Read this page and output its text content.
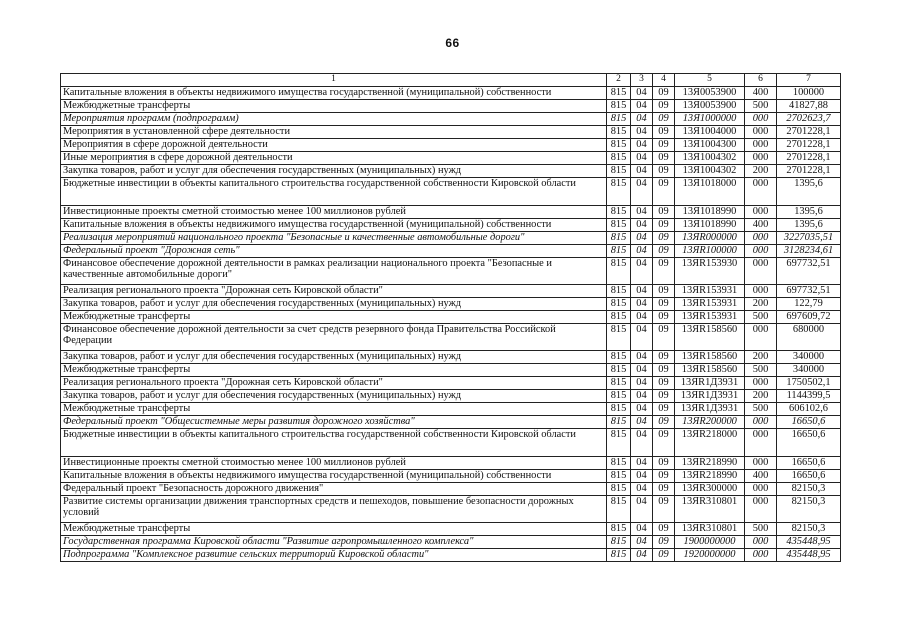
66
1	2	3	4	5	6	7
Капитальные вложения в объекты недвижимого имущества государственной (муниципальной) собственности	815	04	09	13Я0053900	400	100000
Межбюджетные трансферты	815	04	09	13Я0053900	500	41827,88
Мероприятия программ (подпрограмм)	815	04	09	13Я1000000	000	2702623,7
Мероприятия в установленной сфере деятельности	815	04	09	13Я1004000	000	2701228,1
Мероприятия в сфере дорожной деятельности	815	04	09	13Я1004300	000	2701228,1
Иные мероприятия в сфере дорожной деятельности	815	04	09	13Я1004302	000	2701228,1
Закупка товаров, работ и услуг для обеспечения государственных (муниципальных) нужд	815	04	09	13Я1004302	200	2701228,1
Бюджетные инвестиции в объекты капитального строительства государственной собственности Кировской области	815	04	09	13Я1018000	000	1395,6
Инвестиционные проекты сметной стоимостью менее 100 миллионов рублей	815	04	09	13Я1018990	000	1395,6
Капитальные вложения в объекты недвижимого имущества государственной (муниципальной) собственности	815	04	09	13Я1018990	400	1395,6
Реализация мероприятий национального проекта "Безопасные и качественные автомобильные дороги"	815	04	09	13ЯR000000	000	3227035,51
Федеральный проект "Дорожная сеть"	815	04	09	13ЯR100000	000	3128234,61
Финансовое обеспечение дорожной деятельности в рамках реализации национального проекта "Безопасные и качественные автомобильные дороги"	815	04	09	13ЯR153930	000	697732,51
Реализация регионального проекта "Дорожная сеть Кировской области"	815	04	09	13ЯR153931	000	697732,51
Закупка товаров, работ и услуг для обеспечения государственных (муниципальных) нужд	815	04	09	13ЯR153931	200	122,79
Межбюджетные трансферты	815	04	09	13ЯR153931	500	697609,72
Финансовое обеспечение дорожной деятельности за счет средств резервного фонда Правительства Российской Федерации	815	04	09	13ЯR158560	000	680000
Закупка товаров, работ и услуг для обеспечения государственных (муниципальных) нужд	815	04	09	13ЯR158560	200	340000
Межбюджетные трансферты	815	04	09	13ЯR158560	500	340000
Реализация регионального проекта "Дорожная сеть Кировской области"	815	04	09	13ЯR1Д3931	000	1750502,1
Закупка товаров, работ и услуг для обеспечения государственных (муниципальных) нужд	815	04	09	13ЯR1Д3931	200	1144399,5
Межбюджетные трансферты	815	04	09	13ЯR1Д3931	500	606102,6
Федеральный проект "Общесистемные меры развития дорожного хозяйства"	815	04	09	13ЯR200000	000	16650,6
Бюджетные инвестиции в объекты капитального строительства государственной собственности Кировской области	815	04	09	13ЯR218000	000	16650,6
Инвестиционные проекты сметной стоимостью менее 100 миллионов рублей	815	04	09	13ЯR218990	000	16650,6
Капитальные вложения в объекты недвижимого имущества государственной (муниципальной) собственности	815	04	09	13ЯR218990	400	16650,6
Федеральный проект "Безопасность дорожного движения"	815	04	09	13ЯR300000	000	82150,3
Развитие системы организации движения транспортных средств и пешеходов, повышение безопасности дорожных условий	815	04	09	13ЯR310801	000	82150,3
Межбюджетные трансферты	815	04	09	13ЯR310801	500	82150,3
Государственная программа Кировской области "Развитие агропромышленного комплекса"	815	04	09	1900000000	000	435448,95
Подпрограмма "Комплексное развитие сельских территорий Кировской области"	815	04	09	1920000000	000	435448,95
